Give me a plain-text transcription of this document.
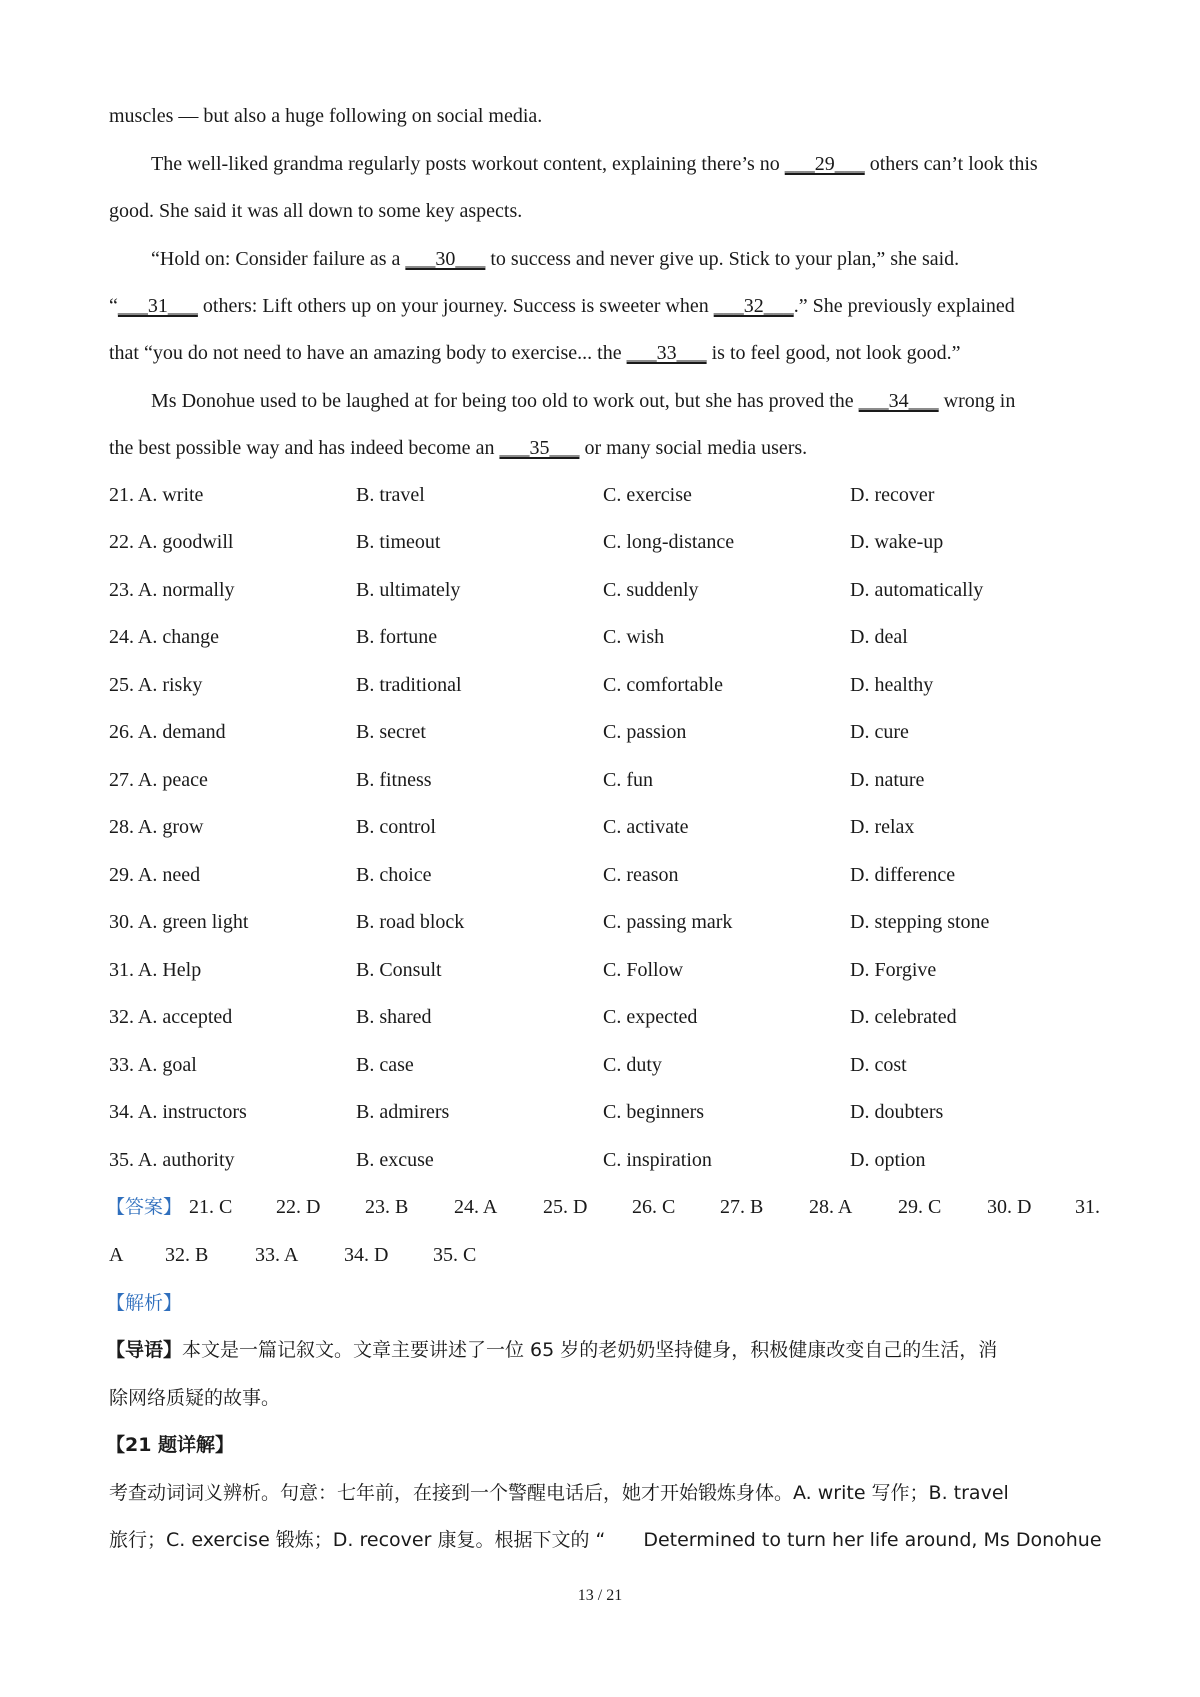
muscles — but also a huge following on social media.
The well-liked grandma regularly posts workout content, explaining there’s no ___29___ others can’t look this
good. She said it was all down to some key aspects.
“Hold on: Consider failure as a ___30___ to success and never give up. Stick to your plan,” she said.
“___31___ others: Lift others up on your journey. Success is sweeter when ___32___.” She previously explained
that “you do not need to have an amazing body to exercise... the ___33___ is to feel good, not look good.”
Ms Donohue used to be laughed at for being too old to work out, but she has proved the ___34___ wrong in
the best possible way and has indeed become an ___35___ or many social media users.
21. A. write	B. travel	C. exercise	D. recover
22. A. goodwill	B. timeout	C. long-distance	D. wake-up
23. A. normally	B. ultimately	C. suddenly	D. automatically
24. A. change	B. fortune	C. wish	D. deal
25. A. risky	B. traditional	C. comfortable	D. healthy
26. A. demand	B. secret	C. passion	D. cure
27. A. peace	B. fitness	C. fun	D. nature
28. A. grow	B. control	C. activate	D. relax
29. A. need	B. choice	C. reason	D. difference
30. A. green light	B. road block	C. passing mark	D. stepping stone
31. A. Help	B. Consult	C. Follow	D. Forgive
32. A. accepted	B. shared	C. expected	D. celebrated
33. A. goal	B. case	C. duty	D. cost
34. A. instructors	B. admirers	C. beginners	D. doubters
35. A. authority	B. excuse	C. inspiration	D. option
【答案】 21. C 22. D 23. B 24. A 25. D 26. C 27. B 28. A 29. C 30. D 31.
A 32. B 33. A 34. D 35. C
【解析】
【导语】本文是一篇记叙文。文章主要讲述了一位 65 岁的老奶奶坚持健身，积极健康改变自己的生活，消
除网络质疑的故事。
【21 题详解】
考查动词词义辨析。句意：七年前，在接到一个警醒电话后，她才开始锻炼身体。A. write 写作；B. travel
旅行；C. exercise 锻炼；D. recover 康复。根据下文的 “　　Determined to turn her life around, Ms Donohue
13 / 21
